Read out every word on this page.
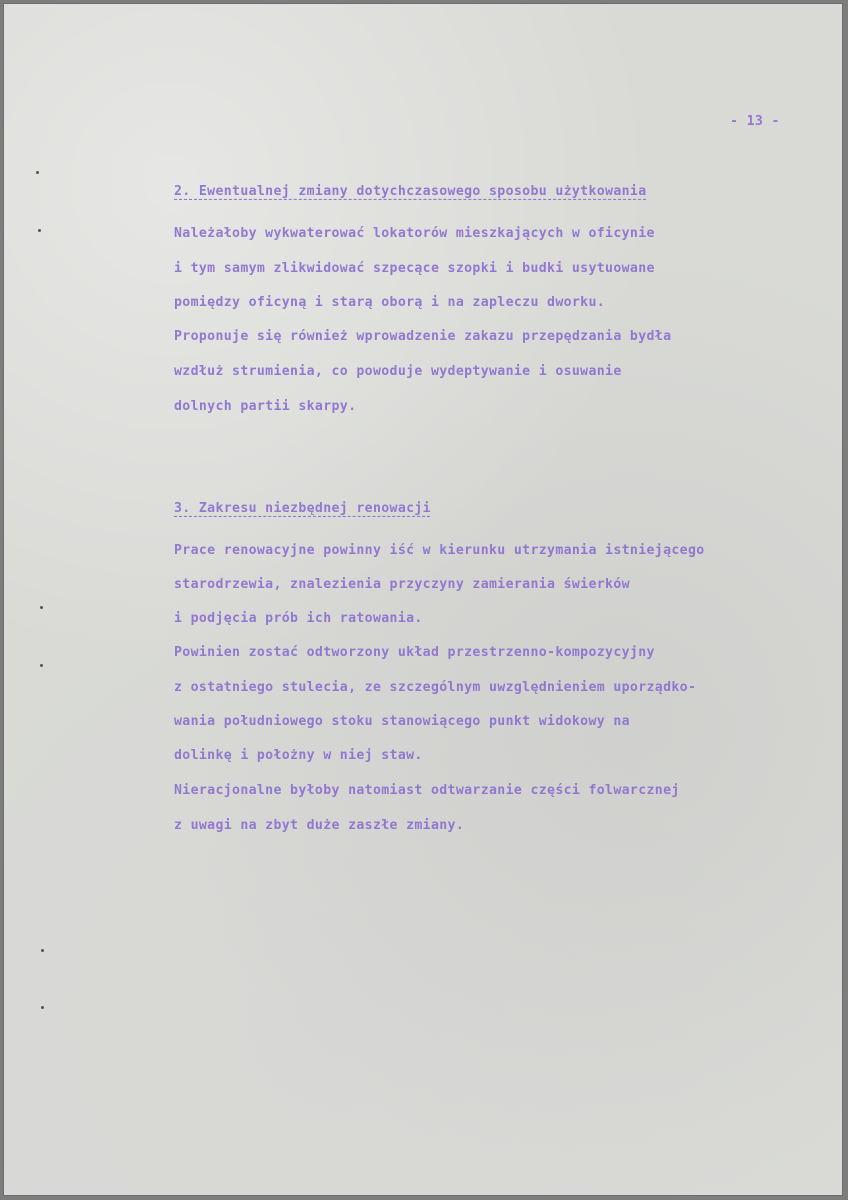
- 13 -
2. Ewentualnej zmiany dotychczasowego sposobu użytkowania
Należałoby wykwaterować lokatorów mieszkających w oficynie
i tym samym zlikwidować szpecące szopki i budki usytuowane
pomiędzy oficyną i starą oborą i na zapleczu dworku.
Proponuje się również wprowadzenie zakazu przepędzania bydła
wzdłuż strumienia, co powoduje wydeptywanie i osuwanie
dolnych partii skarpy.
3. Zakresu niezbędnej renowacji
Prace renowacyjne powinny iść w kierunku utrzymania istniejącego
starodrzewia, znalezienia przyczyny zamierania świerków
i podjęcia prób ich ratowania.
Powinien zostać odtworzony układ przestrzenno-kompozycyjny
z ostatniego stulecia, ze szczególnym uwzględnieniem uporządko-
wania południowego stoku stanowiącego punkt widokowy na
dolinkę i położny w niej staw.
Nieracjonalne byłoby natomiast odtwarzanie części folwarcznej
z uwagi na zbyt duże zaszłe zmiany.
